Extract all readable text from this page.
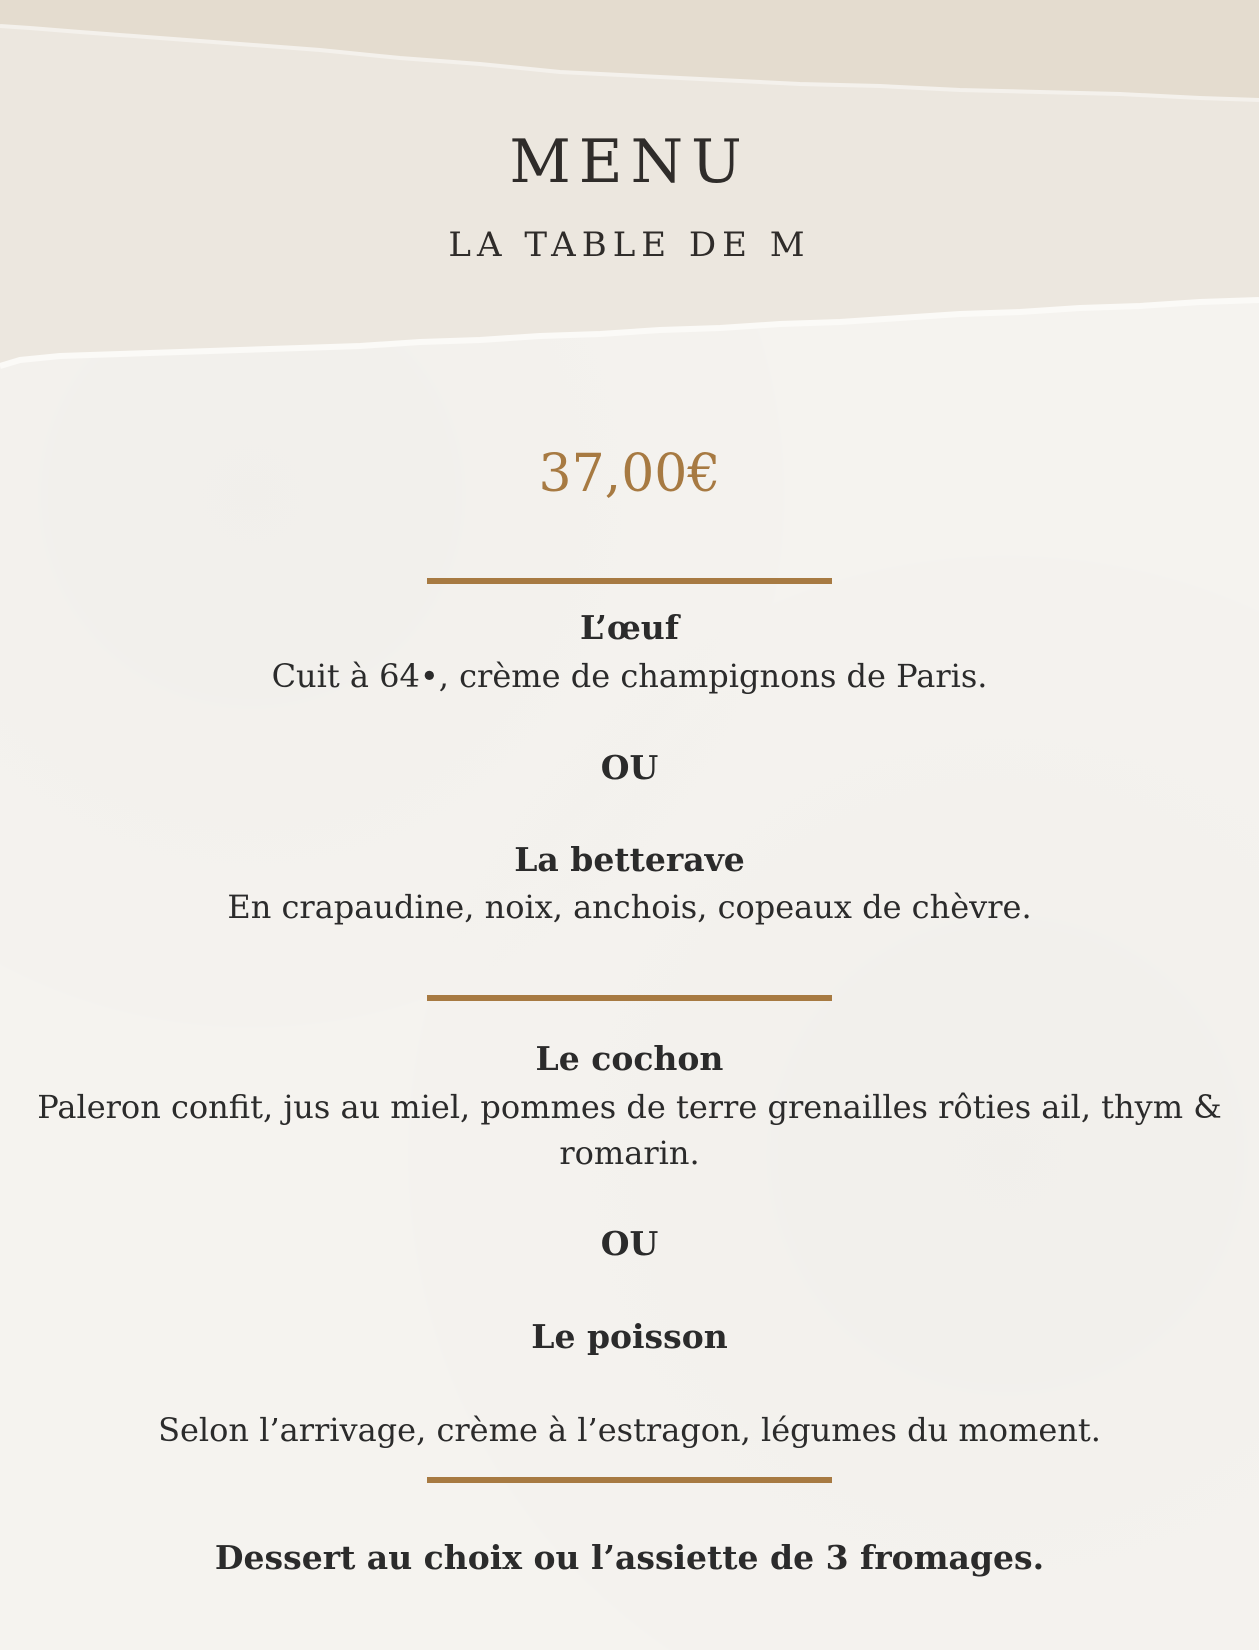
MENU
LA TABLE DE M
37,00€
L’œuf
Cuit à 64•, crème de champignons de Paris.
OU
La betterave
En crapaudine, noix, anchois, copeaux de chèvre.
Le cochon
Paleron confit, jus au miel, pommes de terre grenailles rôties ail, thym & romarin.
OU
Le poisson
Selon l’arrivage, crème à l’estragon, légumes du moment.
Dessert au choix ou l’assiette de 3 fromages.
